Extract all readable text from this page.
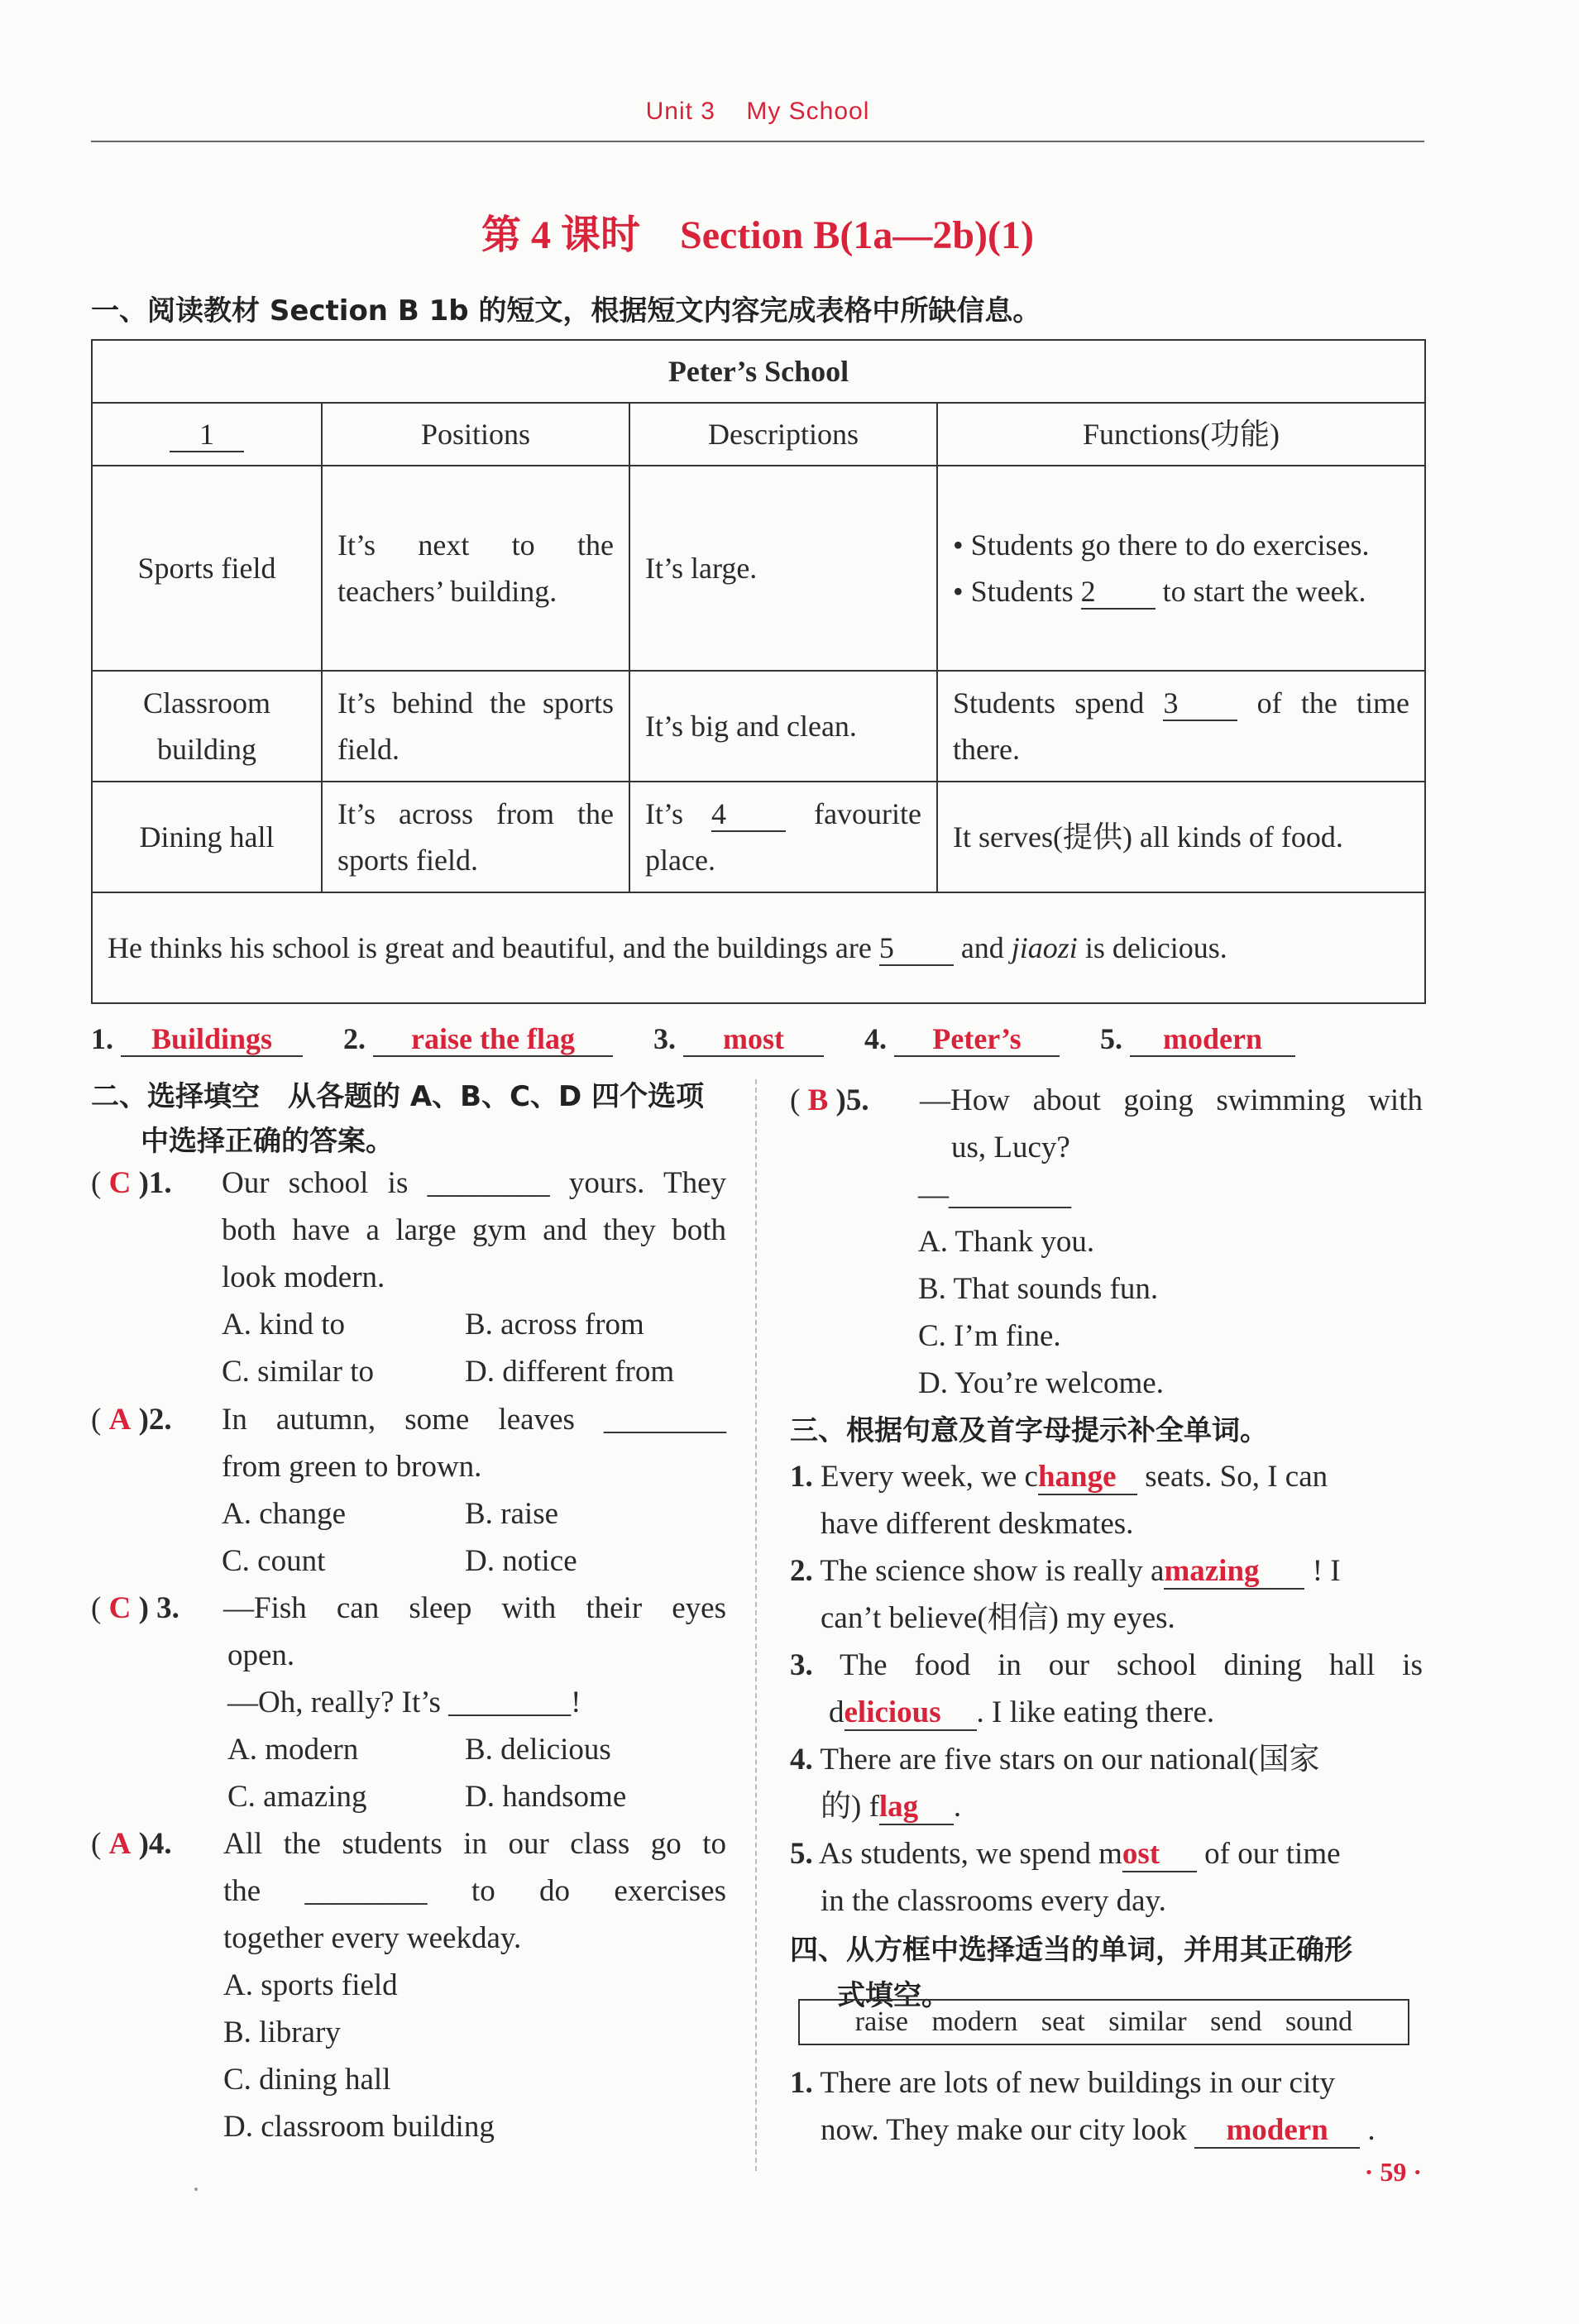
Unit 3 My School
第 4 课时　Section B(1a—2b)(1)
一、阅读教材 Section B 1b 的短文，根据短文内容完成表格中所缺信息。
Peter’s School			
1	Positions	Descriptions	Functions(功能)
Sports field	It’s next to the teachers’ building.	It’s large.	• Students go there to do exercises.
• Students 2 to start the week.

Classroom building	It’s behind the sports field.	It’s big and clean.	Students spend 3 of the time there.
Dining hall	It’s across from the sports field.	It’s 4 favourite place.	It serves(提供) all kinds of food.
He thinks his school is great and beautiful, and the buildings are 5 and jiaozi is delicious.			
1. Buildings 2. raise the flag	3. most	4. Peter’s	5. modern
二、选择填空　从各题的 A、B、C、D 四个选项
中选择正确的答案。
( C )1. Our school is ________ yours. They
both have a large gym and they both
look modern.
A. kind to	B. across from
C. similar to	D. different from
( A )2. In autumn, some leaves ________
from green to brown.
A. change	B. raise
C. count	D. notice
( C ) 3. —Fish can sleep with their eyes
open.
—Oh, really? It’s ________!
A. modern	B. delicious
C. amazing	D. handsome
( A )4. All the students in our class go to
the ________ to do exercises
together every weekday.
A. sports field
B. library
C. dining hall
D. classroom building
( B )5. —How about going swimming with
us, Lucy?
—________
A. Thank you.
B. That sounds fun.
C. I’m fine.
D. You’re welcome.
三、根据句意及首字母提示补全单词。
1. Every week, we change seats. So, I can
have different deskmates.
2. The science show is really amazing ! I
can’t believe(相信) my eyes.
3. The food in our school dining hall is
delicious . I like eating there.
4. There are five stars on our national(国家
的) flag .
5. As students, we spend most of our time
in the classrooms every day.
四、从方框中选择适当的单词，并用其正确形
式填空。
raise modern seat similar send sound
1. There are lots of new buildings in our city
now. They make our city look modern .
· 59 ·
